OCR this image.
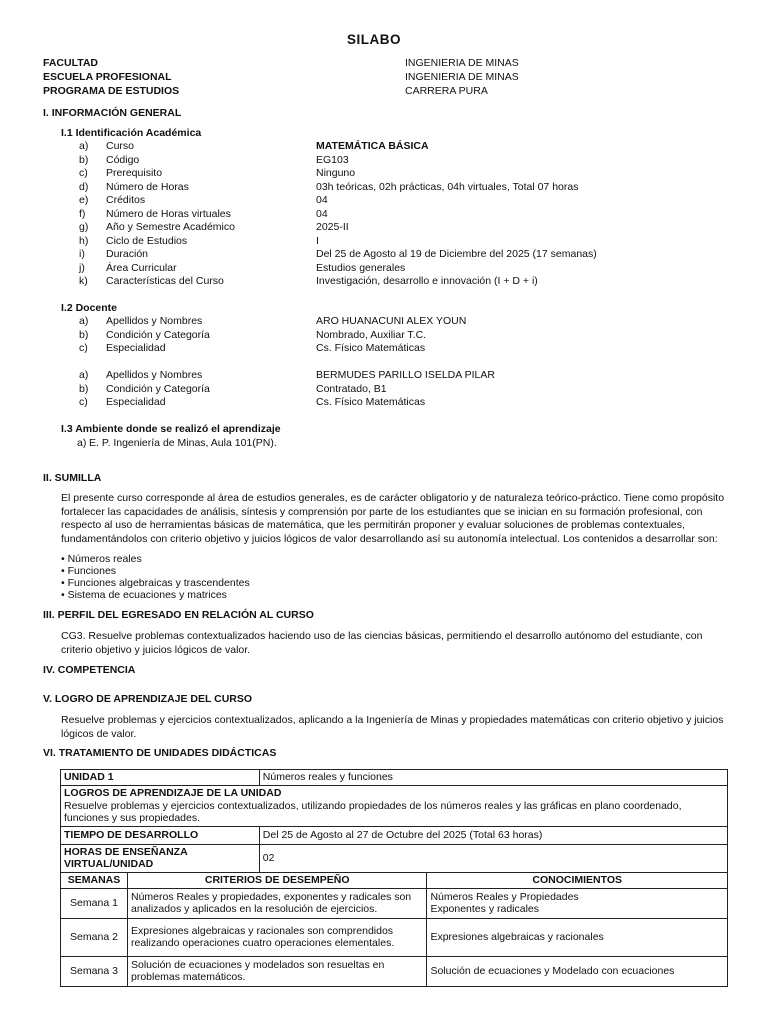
SILABO
FACULTAD	INGENIERIA DE MINAS
ESCUELA PROFESIONAL	INGENIERIA DE MINAS
PROGRAMA DE ESTUDIOS	CARRERA PURA
I. INFORMACIÓN GENERAL
I.1 Identificación Académica
a) Curso	MATEMÁTICA BÁSICA
b) Código	EG103
c) Prerequisito	Ninguno
d) Número de Horas	03h teóricas, 02h prácticas, 04h virtuales, Total 07 horas
e) Créditos	04
f) Número de Horas virtuales	04
g) Año y Semestre Académico	2025-II
h) Ciclo de Estudios	I
i) Duración	Del 25 de Agosto al 19 de Diciembre del 2025 (17 semanas)
j) Área Curricular	Estudios generales
k) Características del Curso	Investigación, desarrollo e innovación (I + D + i)
I.2 Docente
a) Apellidos y Nombres	ARO HUANACUNI ALEX YOUN
b) Condición y Categoría	Nombrado, Auxiliar T.C.
c) Especialidad	Cs. Físico Matemáticas
a) Apellidos y Nombres	BERMUDES PARILLO ISELDA PILAR
b) Condición y Categoría	Contratado, B1
c) Especialidad	Cs. Físico Matemáticas
I.3 Ambiente donde se realizó el aprendizaje
a) E. P. Ingeniería de Minas, Aula 101(PN).
II. SUMILLA
El presente curso corresponde al área de estudios generales, es de carácter obligatorio y de naturaleza teórico-práctico. Tiene como propósito fortalecer las capacidades de análisis, síntesis y comprensión por parte de los estudiantes que se inician en su formación profesional, con respecto al uso de herramientas básicas de matemática, que les permitirán proponer y evaluar soluciones de problemas contextuales, fundamentándolos con criterio objetivo y juicios lógicos de valor desarrollando así su autonomía intelectual. Los contenidos a desarrollar son:
• Números reales
• Funciones
• Funciones algebraicas y trascendentes
• Sistema de ecuaciones y matrices
III. PERFIL DEL EGRESADO EN RELACIÓN AL CURSO
CG3. Resuelve problemas contextualizados haciendo uso de las ciencias básicas, permitiendo el desarrollo autónomo del estudiante, con criterio objetivo y juicios lógicos de valor.
IV. COMPETENCIA
V. LOGRO DE APRENDIZAJE DEL CURSO
Resuelve problemas y ejercicios contextualizados, aplicando a la Ingeniería de Minas y propiedades matemáticas con criterio objetivo y juicios lógicos de valor.
VI. TRATAMIENTO DE UNIDADES DIDÁCTICAS
UNIDAD 1		Números reales y funciones	

LOGROS DE APRENDIZAJE DE LA UNIDAD
Resuelve problemas y ejercicios contextualizados, utilizando propiedades de los números reales y las gráficas en plano coordenado, funciones y sus propiedades.			

TIEMPO DE DESARROLLO		Del 25 de Agosto al 27 de Octubre del 2025 (Total 63 horas)	
HORAS DE ENSEÑANZA VIRTUAL/UNIDAD		02	
SEMANAS	CRITERIOS DE DESEMPEÑO		CONOCIMIENTOS
Semana 1	Números Reales y propiedades, exponentes y radicales son analizados y aplicados en la resolución de ejercicios.		Números Reales y Propiedades
Exponentes y radicales
Semana 2	Expresiones algebraicas y racionales son comprendidos realizando operaciones cuatro operaciones elementales.		Expresiones algebraicas y racionales
Semana 3	Solución de ecuaciones y modelados son resueltas en problemas matemáticos.		Solución de ecuaciones y Modelado con ecuaciones
